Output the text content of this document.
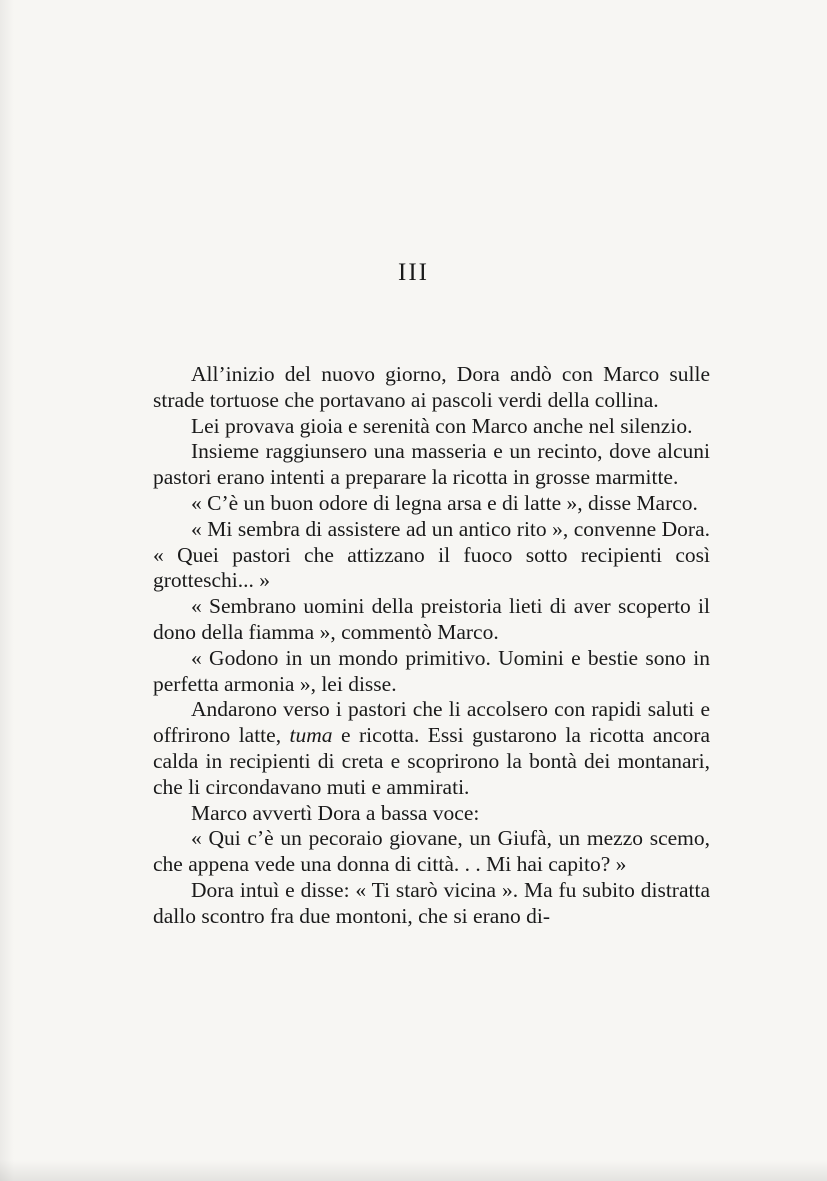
III

All’inizio del nuovo giorno, Dora andò con Marco sulle strade tortuose che portavano ai pascoli verdi della collina.

Lei provava gioia e serenità con Marco anche nel silenzio.

Insieme raggiunsero una masseria e un recinto, dove alcuni pastori erano intenti a preparare la ricotta in grosse marmitte.

« C’è un buon odore di legna arsa e di latte », disse Marco.

« Mi sembra di assistere ad un antico rito », convenne Dora. « Quei pastori che attizzano il fuoco sotto recipienti così grotteschi... »

« Sembrano uomini della preistoria lieti di aver scoperto il dono della fiamma », commentò Marco.

« Godono in un mondo primitivo. Uomini e bestie sono in perfetta armonia », lei disse.

Andarono verso i pastori che li accolsero con rapidi saluti e offrirono latte, tuma e ricotta. Essi gustarono la ricotta ancora calda in recipienti di creta e scoprirono la bontà dei montanari, che li circondavano muti e ammirati.

Marco avvertì Dora a bassa voce:

« Qui c’è un pecoraio giovane, un Giufà, un mezzo scemo, che appena vede una donna di città. . . Mi hai capito? »

Dora intuì e disse: « Ti starò vicina ». Ma fu subito distratta dallo scontro fra due montoni, che si erano di-
